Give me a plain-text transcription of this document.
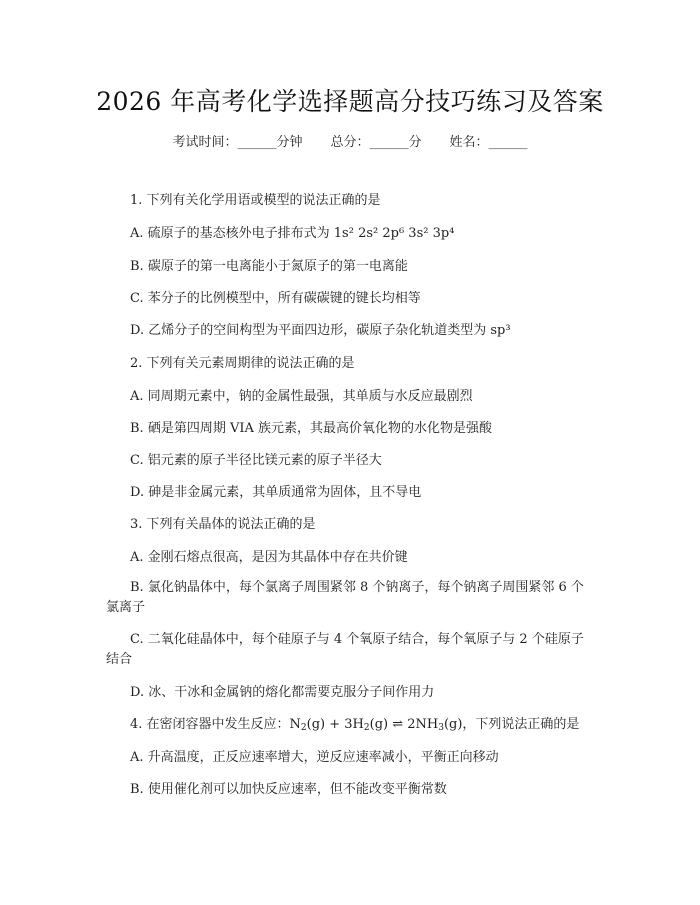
2026 年高考化学选择题高分技巧练习及答案
考试时间：______分钟 总分：______分 姓名：______
1. 下列有关化学用语或模型的说法正确的是
A. 硫原子的基态核外电子排布式为 1s² 2s² 2p⁶ 3s² 3p⁴
B. 碳原子的第一电离能小于氮原子的第一电离能
C. 苯分子的比例模型中，所有碳碳键的键长均相等
D. 乙烯分子的空间构型为平面四边形，碳原子杂化轨道类型为 sp³
2. 下列有关元素周期律的说法正确的是
A. 同周期元素中，钠的金属性最强，其单质与水反应最剧烈
B. 硒是第四周期 VIA 族元素，其最高价氧化物的水化物是强酸
C. 铝元素的原子半径比镁元素的原子半径大
D. 砷是非金属元素，其单质通常为固体，且不导电
3. 下列有关晶体的说法正确的是
A. 金刚石熔点很高，是因为其晶体中存在共价键
B. 氯化钠晶体中，每个氯离子周围紧邻 8 个钠离子，每个钠离子周围紧邻 6 个氯离子
C. 二氧化硅晶体中，每个硅原子与 4 个氧原子结合，每个氧原子与 2 个硅原子结合
D. 冰、干冰和金属钠的熔化都需要克服分子间作用力
4. 在密闭容器中发生反应：$N_2(g) + 3H_2(g)$ ⇌ $2NH_3(g)$，下列说法正确的是
A. 升高温度，正反应速率增大，逆反应速率减小，平衡正向移动
B. 使用催化剂可以加快反应速率，但不能改变平衡常数
